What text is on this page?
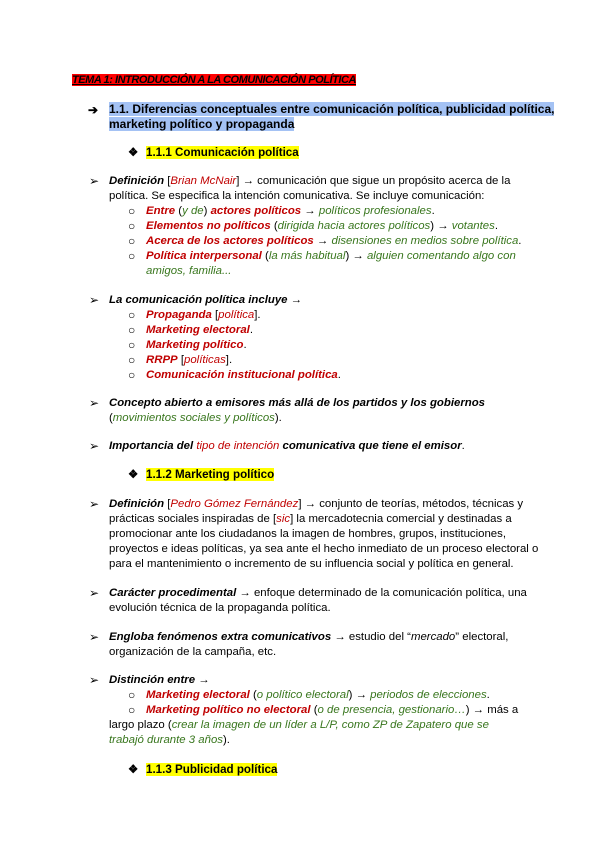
TEMA 1: INTRODUCCIÓN A LA COMUNICACIÓN POLÍTICA
➔ 1.1. Diferencias conceptuales entre comunicación política, publicidad política,
marketing político y propaganda
❖ 1.1.1 Comunicación política
➢ Definición [Brian McNair] → comunicación que sigue un propósito acerca de la
política. Se especifica la intención comunicativa. Se incluye comunicación:
○ Entre (y de) actores políticos → políticos profesionales.
○ Elementos no políticos (dirigida hacia actores políticos) → votantes.
○ Acerca de los actores políticos → disensiones en medios sobre política.
○ Política interpersonal (la más habitual) → alguien comentando algo con
amigos, familia...
➢ La comunicación política incluye →
○ Propaganda [política].
○ Marketing electoral.
○ Marketing político.
○ RRPP [políticas].
○ Comunicación institucional política.
➢ Concepto abierto a emisores más allá de los partidos y los gobiernos
(movimientos sociales y políticos).
➢ Importancia del tipo de intención comunicativa que tiene el emisor.
❖ 1.1.2 Marketing político
➢ Definición [Pedro Gómez Fernández] → conjunto de teorías, métodos, técnicas y
prácticas sociales inspiradas de [sic] la mercadotecnia comercial y destinadas a
promocionar ante los ciudadanos la imagen de hombres, grupos, instituciones,
proyectos e ideas políticas, ya sea ante el hecho inmediato de un proceso electoral o
para el mantenimiento o incremento de su influencia social y política en general.
➢ Carácter procedimental → enfoque determinado de la comunicación política, una
evolución técnica de la propaganda política.
➢ Engloba fenómenos extra comunicativos → estudio del “mercado” electoral,
organización de la campaña, etc.
➢ Distinción entre →
○ Marketing electoral (o político electoral) → periodos de elecciones.
○ Marketing político no electoral (o de presencia, gestionario…) → más a
largo plazo (crear la imagen de un líder a L/P, como ZP de Zapatero que se
trabajó durante 3 años).
❖ 1.1.3 Publicidad política
